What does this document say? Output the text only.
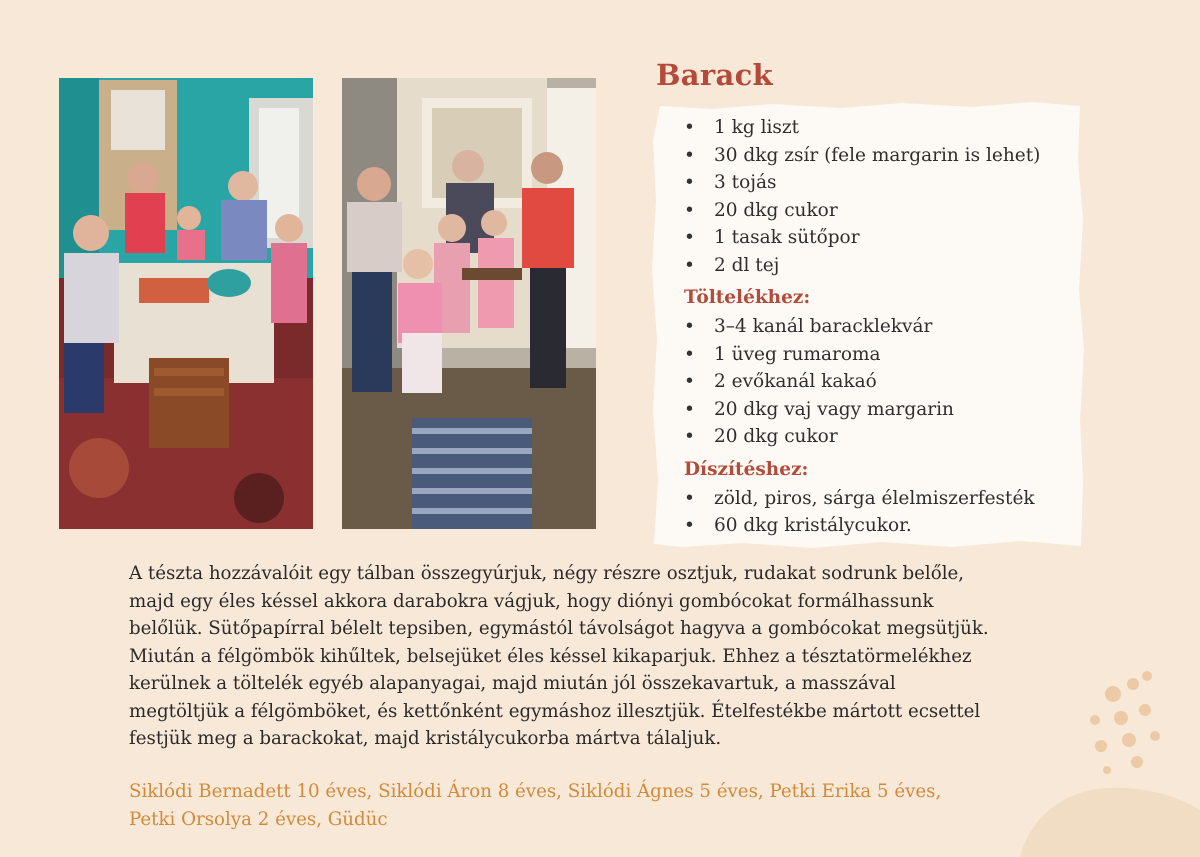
Barack
• 1 kg liszt
• 30 dkg zsír (fele margarin is lehet)
• 3 tojás
• 20 dkg cukor
• 1 tasak sütőpor
• 2 dl tej
Töltelékhez:
• 3–4 kanál baracklekvár
• 1 üveg rumaroma
• 2 evőkanál kakaó
• 20 dkg vaj vagy margarin
• 20 dkg cukor
Díszítéshez:
• zöld, piros, sárga élelmiszerfesték
• 60 dkg kristálycukor.

A tészta hozzávalóit egy tálban összegyúrjuk, négy részre osztjuk, rudakat sodrunk belőle,
majd egy éles késsel akkora darabokra vágjuk, hogy diónyi gombócokat formálhassunk
belőlük. Sütőpapírral bélelt tepsiben, egymástól távolságot hagyva a gombócokat megsütjük.
Miután a félgömbök kihűltek, belsejüket éles késsel kikaparjuk. Ehhez a tésztatörmelékhez
kerülnek a töltelék egyéb alapanyagai, majd miután jól összekavartuk, a masszával
megtöltjük a félgömböket, és kettőnként egymáshoz illesztjük. Ételfestékbe mártott ecsettel
festjük meg a barackokat, majd kristálycukorba mártva tálaljuk.

Siklódi Bernadett 10 éves, Siklódi Áron 8 éves, Siklódi Ágnes 5 éves, Petki Erika 5 éves,
Petki Orsolya 2 éves, Güdüc
